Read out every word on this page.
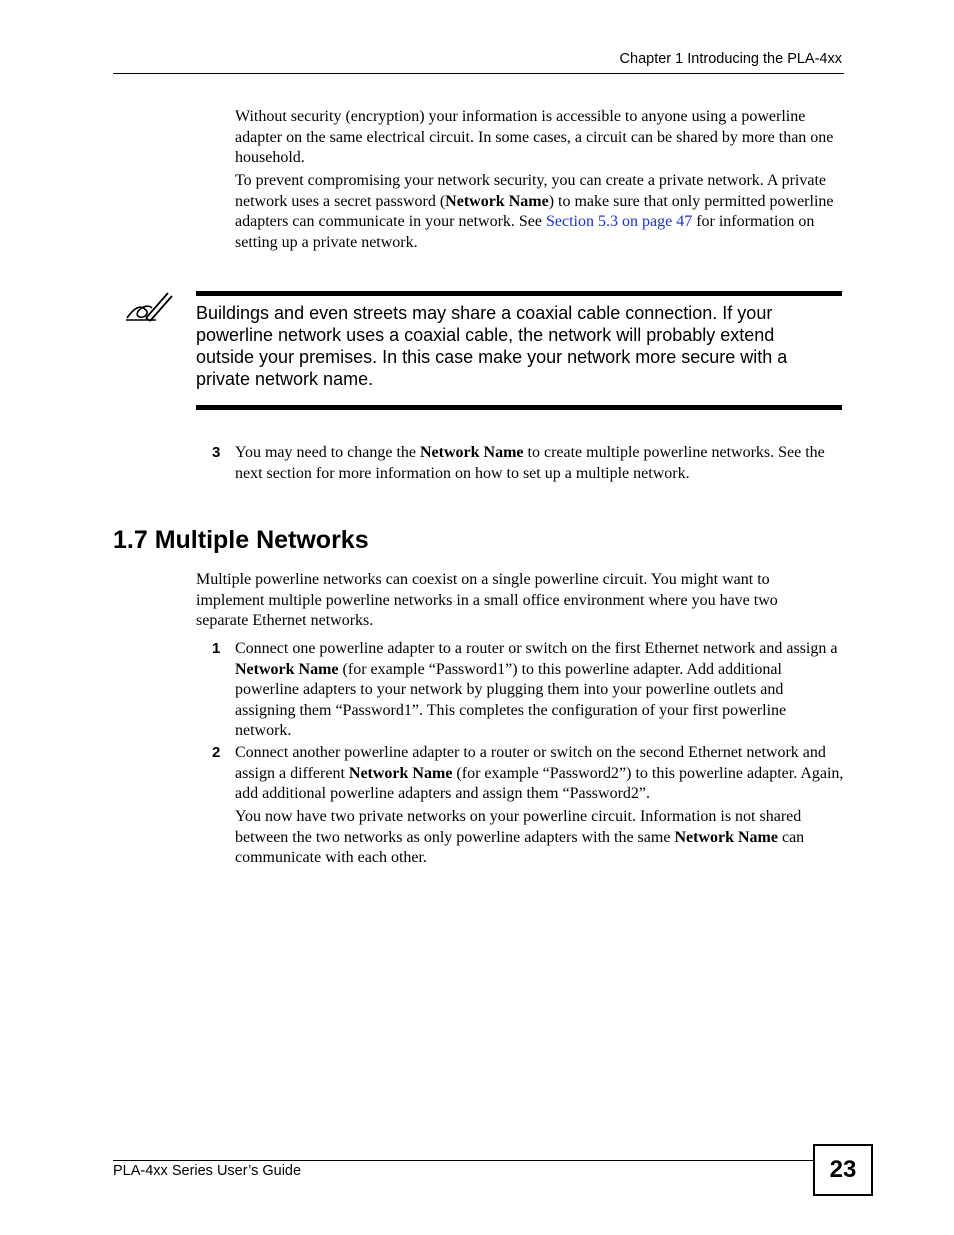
Chapter 1 Introducing the PLA-4xx
Without security (encryption) your information is accessible to anyone using a powerline adapter on the same electrical circuit. In some cases, a circuit can be shared by more than one household.
To prevent compromising your network security, you can create a private network. A private network uses a secret password (Network Name) to make sure that only permitted powerline adapters can communicate in your network. See Section 5.3 on page 47 for information on setting up a private network.
Buildings and even streets may share a coaxial cable connection. If your powerline network uses a coaxial cable, the network will probably extend outside your premises. In this case make your network more secure with a private network name.
3 You may need to change the Network Name to create multiple powerline networks. See the next section for more information on how to set up a multiple network.
1.7 Multiple Networks
Multiple powerline networks can coexist on a single powerline circuit. You might want to implement multiple powerline networks in a small office environment where you have two separate Ethernet networks.
1 Connect one powerline adapter to a router or switch on the first Ethernet network and assign a Network Name (for example “Password1”) to this powerline adapter. Add additional powerline adapters to your network by plugging them into your powerline outlets and assigning them “Password1”. This completes the configuration of your first powerline network.
2 Connect another powerline adapter to a router or switch on the second Ethernet network and assign a different Network Name (for example “Password2”) to this powerline adapter. Again, add additional powerline adapters and assign them “Password2”.
You now have two private networks on your powerline circuit. Information is not shared between the two networks as only powerline adapters with the same Network Name can communicate with each other.
PLA-4xx Series User’s Guide	23
